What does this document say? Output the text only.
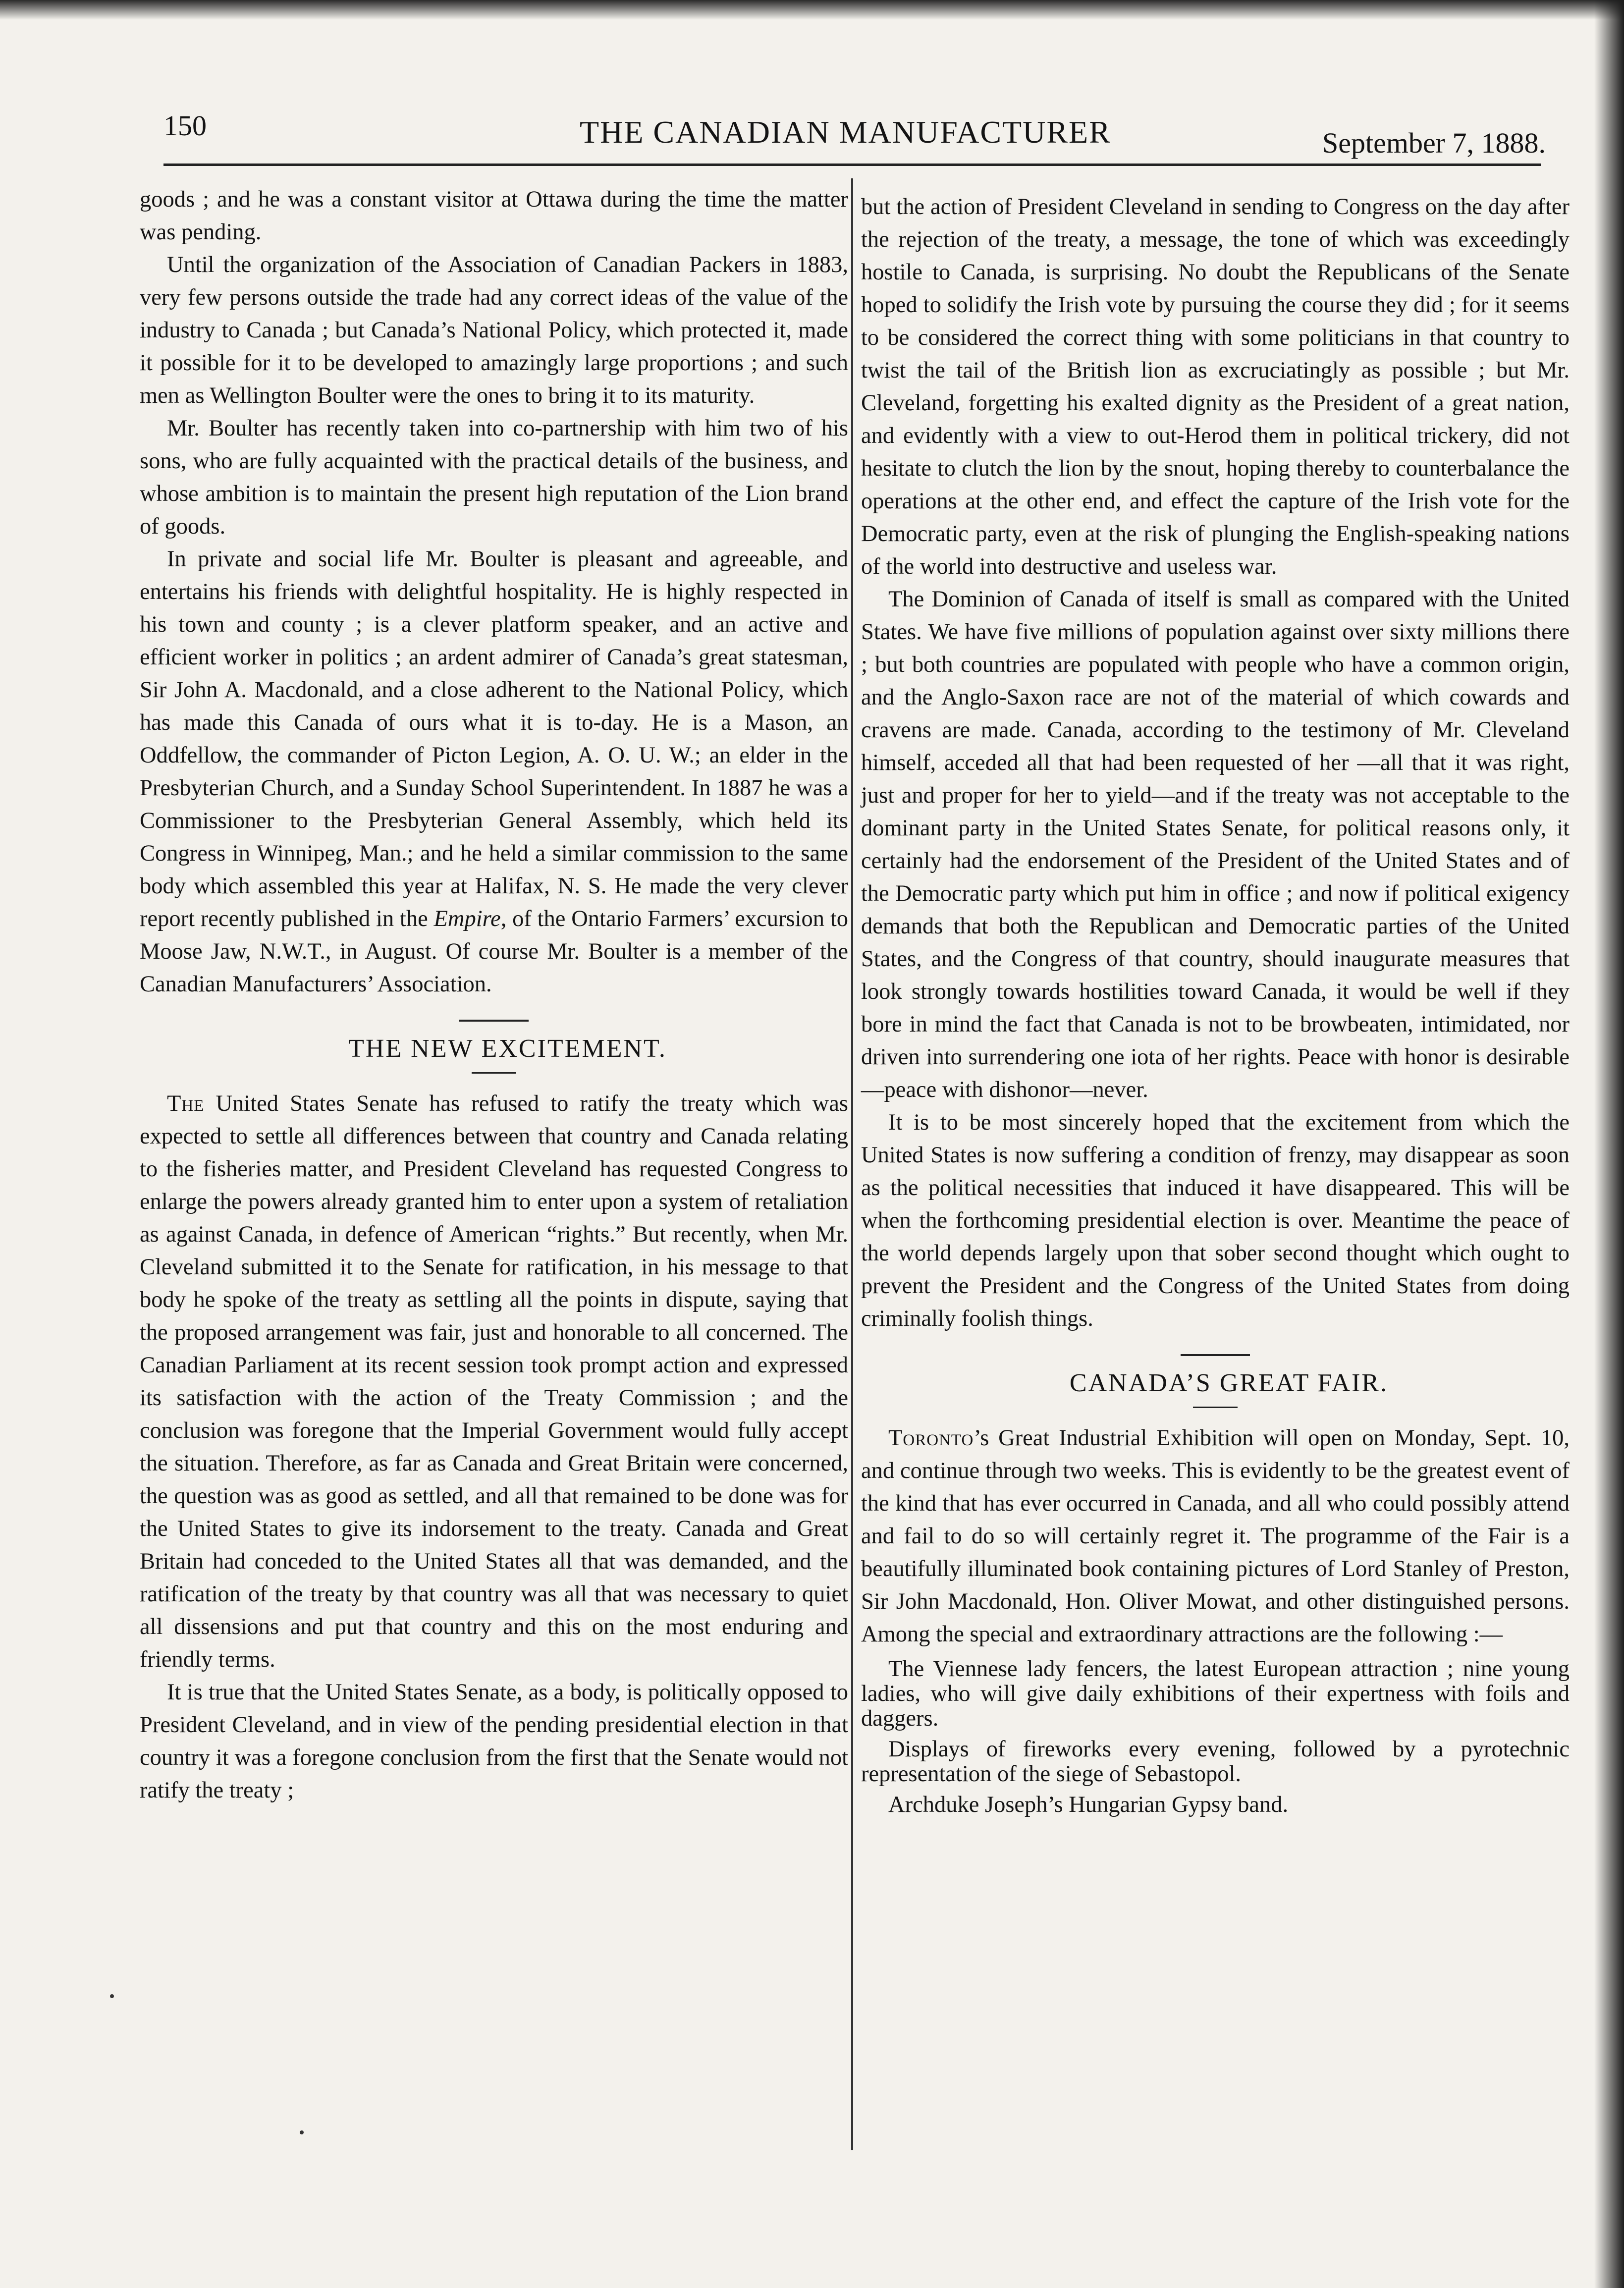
150	THE CANADIAN MANUFACTURER	September 7, 1888.

goods ; and he was a constant visitor at Ottawa during the time the matter was pending.

Until the organization of the Association of Canadian Packers in 1883, very few persons outside the trade had any correct ideas of the value of the industry to Canada ; but Canada’s National Policy, which protected it, made it possible for it to be developed to amazingly large proportions ; and such men as Wellington Boulter were the ones to bring it to its maturity.

Mr. Boulter has recently taken into co-partnership with him two of his sons, who are fully acquainted with the practical details of the business, and whose ambition is to maintain the present high reputation of the Lion brand of goods.

In private and social life Mr. Boulter is pleasant and agreeable, and entertains his friends with delightful hospitality. He is highly respected in his town and county ; is a clever platform speaker, and an active and efficient worker in politics ; an ardent admirer of Canada’s great statesman, Sir John A. Macdonald, and a close adherent to the National Policy, which has made this Canada of ours what it is to-day. He is a Mason, an Oddfellow, the commander of Picton Legion, A. O. U. W.; an elder in the Presbyterian Church, and a Sunday School Superintendent. In 1887 he was a Commissioner to the Presbyterian General Assembly, which held its Congress in Winnipeg, Man.; and he held a similar commission to the same body which assembled this year at Halifax, N. S. He made the very clever report recently published in the Empire, of the Ontario Farmers’ excursion to Moose Jaw, N.W.T., in August. Of course Mr. Boulter is a member of the Canadian Manufacturers’ Association.

THE NEW EXCITEMENT.

The United States Senate has refused to ratify the treaty which was expected to settle all differences between that country and Canada relating to the fisheries matter, and President Cleveland has requested Congress to enlarge the powers already granted him to enter upon a system of retaliation as against Canada, in defence of American “rights.” But recently, when Mr. Cleveland submitted it to the Senate for ratification, in his message to that body he spoke of the treaty as settling all the points in dispute, saying that the proposed arrangement was fair, just and honorable to all concerned. The Canadian Parliament at its recent session took prompt action and expressed its satisfaction with the action of the Treaty Commission ; and the conclusion was foregone that the Imperial Government would fully accept the situation. Therefore, as far as Canada and Great Britain were concerned, the question was as good as settled, and all that remained to be done was for the United States to give its indorsement to the treaty. Canada and Great Britain had conceded to the United States all that was demanded, and the ratification of the treaty by that country was all that was necessary to quiet all dissensions and put that country and this on the most enduring and friendly terms.

It is true that the United States Senate, as a body, is politically opposed to President Cleveland, and in view of the pending presidential election in that country it was a foregone conclusion from the first that the Senate would not ratify the treaty ;

but the action of President Cleveland in sending to Congress on the day after the rejection of the treaty, a message, the tone of which was exceedingly hostile to Canada, is surprising. No doubt the Republicans of the Senate hoped to solidify the Irish vote by pursuing the course they did ; for it seems to be considered the correct thing with some politicians in that country to twist the tail of the British lion as excruciatingly as possible ; but Mr. Cleveland, forgetting his exalted dignity as the President of a great nation, and evidently with a view to out-Herod them in political trickery, did not hesitate to clutch the lion by the snout, hoping thereby to counterbalance the operations at the other end, and effect the capture of the Irish vote for the Democratic party, even at the risk of plunging the English-speaking nations of the world into destructive and useless war.

The Dominion of Canada of itself is small as compared with the United States. We have five millions of population against over sixty millions there ; but both countries are populated with people who have a common origin, and the Anglo-Saxon race are not of the material of which cowards and cravens are made. Canada, according to the testimony of Mr. Cleveland himself, acceded all that had been requested of her —all that it was right, just and proper for her to yield—and if the treaty was not acceptable to the dominant party in the United States Senate, for political reasons only, it certainly had the endorsement of the President of the United States and of the Democratic party which put him in office ; and now if political exigency demands that both the Republican and Democratic parties of the United States, and the Congress of that country, should inaugurate measures that look strongly towards hostilities toward Canada, it would be well if they bore in mind the fact that Canada is not to be browbeaten, intimidated, nor driven into surrendering one iota of her rights. Peace with honor is desirable—peace with dishonor—never.

It is to be most sincerely hoped that the excitement from which the United States is now suffering a condition of frenzy, may disappear as soon as the political necessities that induced it have disappeared. This will be when the forthcoming presidential election is over. Meantime the peace of the world depends largely upon that sober second thought which ought to prevent the President and the Congress of the United States from doing criminally foolish things.

CANADA’S GREAT FAIR.

Toronto’s Great Industrial Exhibition will open on Monday, Sept. 10, and continue through two weeks. This is evidently to be the greatest event of the kind that has ever occurred in Canada, and all who could possibly attend and fail to do so will certainly regret it. The programme of the Fair is a beautifully illuminated book containing pictures of Lord Stanley of Preston, Sir John Macdonald, Hon. Oliver Mowat, and other distinguished persons. Among the special and extraordinary attractions are the following :—

The Viennese lady fencers, the latest European attraction ; nine young ladies, who will give daily exhibitions of their expertness with foils and daggers.

Displays of fireworks every evening, followed by a pyrotechnic representation of the siege of Sebastopol.

Archduke Joseph’s Hungarian Gypsy band.
